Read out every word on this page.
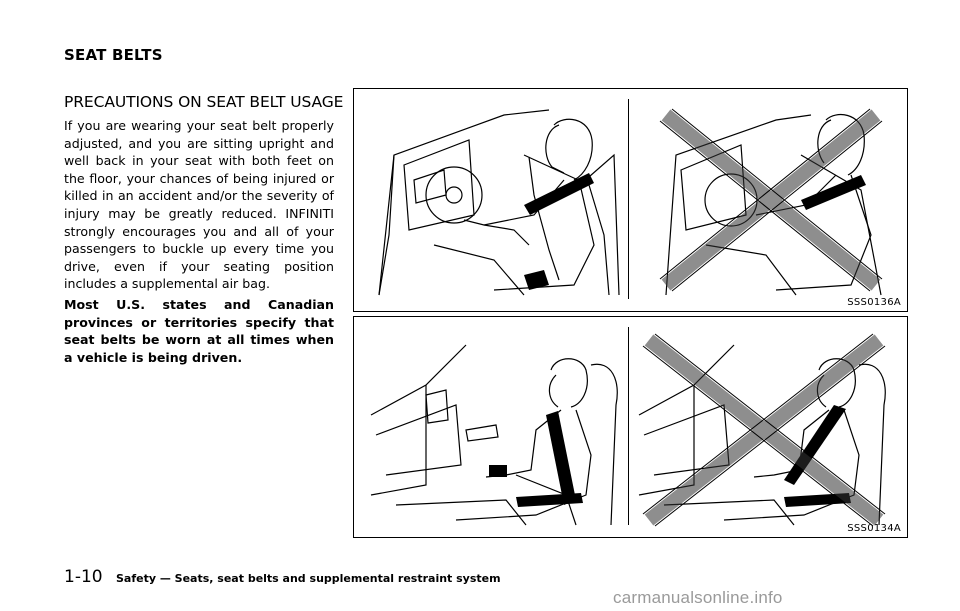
SEAT BELTS
PRECAUTIONS ON SEAT BELT USAGE

If you are wearing your seat belt properly adjusted, and you are sitting upright and well back in your seat with both feet on the floor, your chances of being injured or killed in an accident and/or the severity of injury may be greatly reduced. INFINITI strongly encourages you and all of your passengers to buckle up every time you drive, even if your seating position includes a supplemental air bag.

Most U.S. states and Canadian provinces or territories specify that seat belts be worn at all times when a vehicle is being driven.

SSS0136A
SSS0134A
1-10 Safety — Seats, seat belts and supplemental restraint system
carmanualsonline.info
